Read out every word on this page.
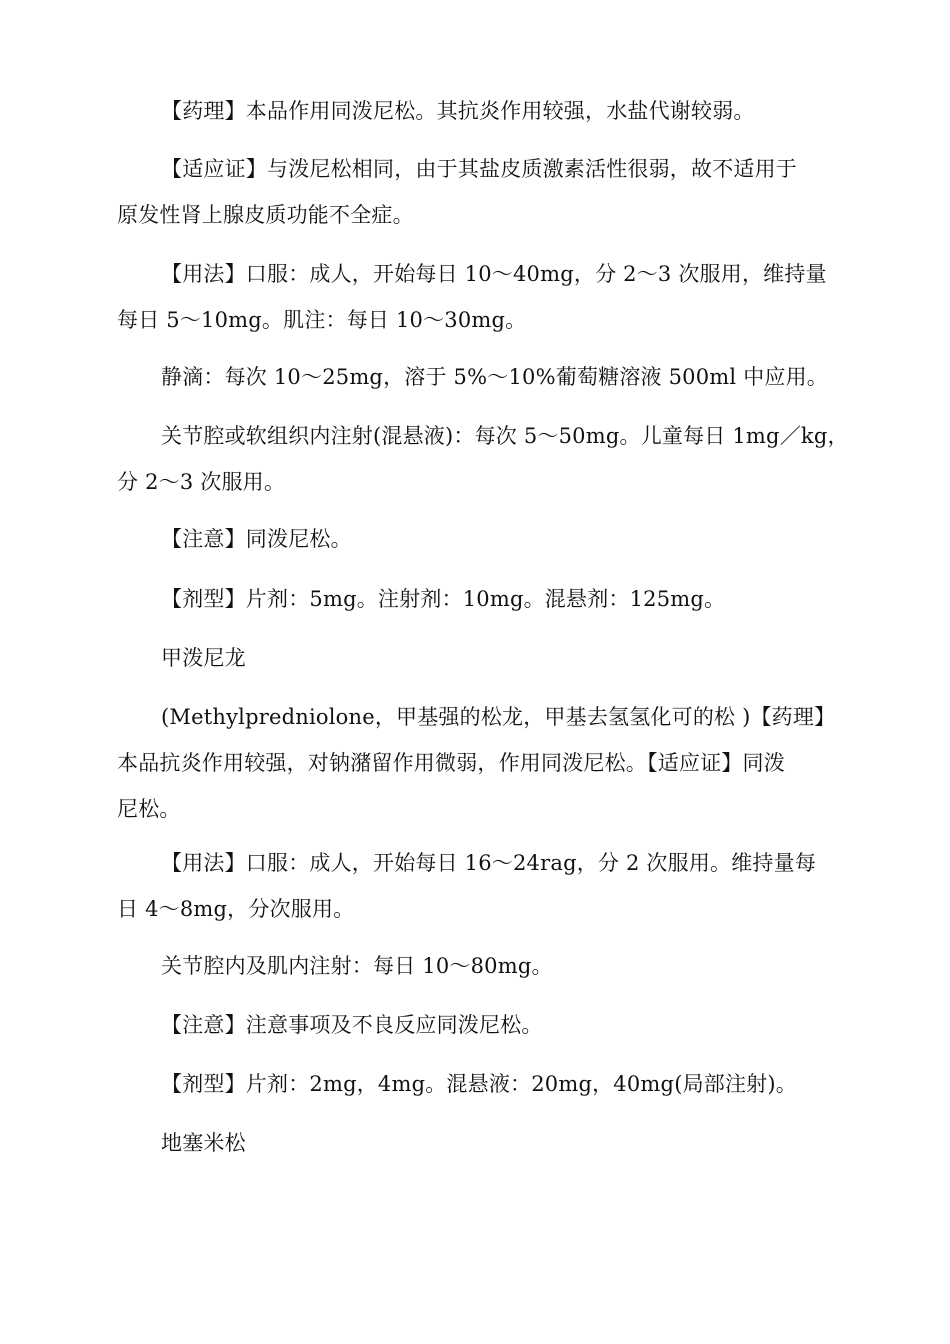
【药理】本品作用同泼尼松。其抗炎作用较强，水盐代谢较弱。
【适应证】与泼尼松相同，由于其盐皮质激素活性很弱，故不适用于
原发性肾上腺皮质功能不全症。
【用法】口服：成人，开始每日 10～40mg，分 2～3 次服用，维持量
每日 5～10mg。肌注：每日 10～30mg。
静滴：每次 10～25mg，溶于 5%～10%葡萄糖溶液 500ml 中应用。
关节腔或软组织内注射(混悬液)：每次 5～50mg。儿童每日 1mg／kg，
分 2～3 次服用。
【注意】同泼尼松。
【剂型】片剂：5mg。注射剂：10mg。混悬剂：125mg。
甲泼尼龙
(Methylpredniolone，甲基强的松龙，甲基去氢氢化可的松 )【药理】
本品抗炎作用较强，对钠潴留作用微弱，作用同泼尼松。【适应证】同泼
尼松。
【用法】口服：成人，开始每日 16～24rag，分 2 次服用。维持量每
日 4～8mg，分次服用。
关节腔内及肌内注射：每日 10～80mg。
【注意】注意事项及不良反应同泼尼松。
【剂型】片剂：2mg，4mg。混悬液：20mg，40mg(局部注射)。
地塞米松
